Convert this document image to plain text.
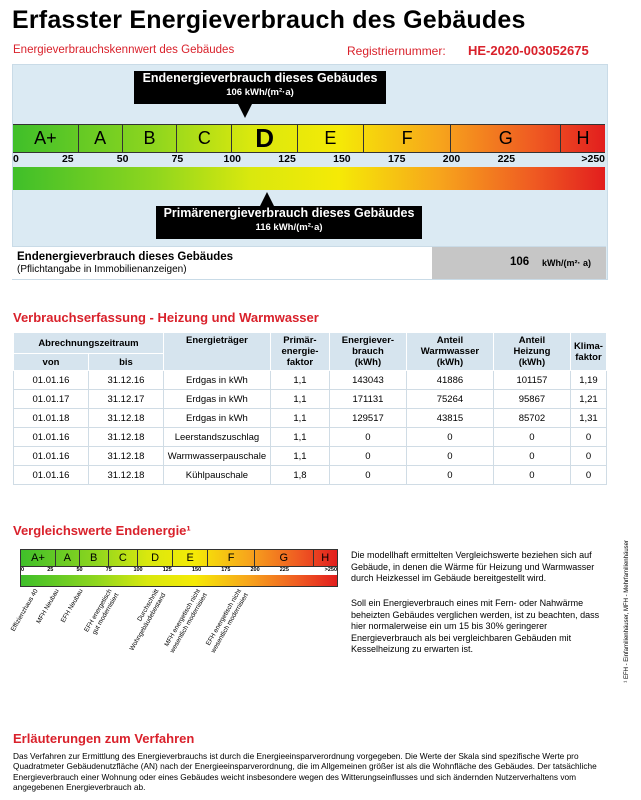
Erfasster Energieverbrauch des Gebäudes
Energieverbrauchskennwert des Gebäudes	Registriernummer: HE-2020-003052675
Endenergieverbrauch dieses Gebäudes
106 kWh/(m²·a)
A+	A	B	C	D	E	F	G	H
0	25	50	75	100	125	150	175	200	225	>250
Primärenergieverbrauch dieses Gebäudes
116 kWh/(m²·a)
Endenergieverbrauch dieses Gebäudes
(Pflichtangabe in Immobilienanzeigen)
106 kWh/(m²· a)
Verbrauchserfassung - Heizung und Warmwasser
Abrechnungszeitraum		Energieträger	Primär-
energie-
faktor	Energiever-
brauch
(kWh)	Anteil
Warmwasser
(kWh)	Anteil
Heizung
(kWh)	Klima-
faktor
von	bis						
01.01.16	31.12.16	Erdgas in kWh	1,1	143043	41886	101157	1,19
01.01.17	31.12.17	Erdgas in kWh	1,1	171131	75264	95867	1,21
01.01.18	31.12.18	Erdgas in kWh	1,1	129517	43815	85702	1,31
01.01.16	31.12.18	Leerstandszuschlag	1,1	0	0	0	0
01.01.16	31.12.18	Warmwasserpauschale	1,1	0	0	0	0
01.01.16	31.12.18	Kühlpauschale	1,8	0	0	0	0
Vergleichswerte Endenergie¹
A+	A	B	C	D	E	F	G	H
0	25	50	75	100	125	150	175	200	225	>250
Effizienzhaus 40
MFH Neubau
EFH Neubau
EFH energetisch
gut modernisiert	Durchschnitt
Wohngebäudebestand
MFH energetisch nicht
wesentlich modernisiert
EFH energetisch nicht
wesentlich modernisiert
Die modellhaft ermittelten Vergleichswerte beziehen sich auf Gebäude, in denen die Wärme für Heizung und Warmwasser durch Heizkessel im Gebäude bereitgestellt wird.
Soll ein Energieverbrauch eines mit Fern- oder Nahwärme beheizten Gebäudes verglichen werden, ist zu beachten, dass hier normalerweise ein um 15 bis 30% geringerer Energieverbrauch als bei vergleichbaren Gebäuden mit Kesselheizung zu erwarten ist.	¹ EFH - Einfamilienhäuser, MFH - Mehrfamilienhäuser
Erläuterungen zum Verfahren
Das Verfahren zur Ermittlung des Energieverbrauchs ist durch die Energieeinsparverordnung vorgegeben. Die Werte der Skala sind spezifische Werte pro Quadratmeter Gebäudenutzfläche (AN) nach der Energieeinsparverordnung, die im Allgemeinen größer ist als die Wohnfläche des Gebäudes. Der tatsächliche Energieverbrauch einer Wohnung oder eines Gebäudes weicht insbesondere wegen des Witterungseinflusses und sich ändernden Nutzerverhaltens vom angegebenen Energieverbrauch ab.
